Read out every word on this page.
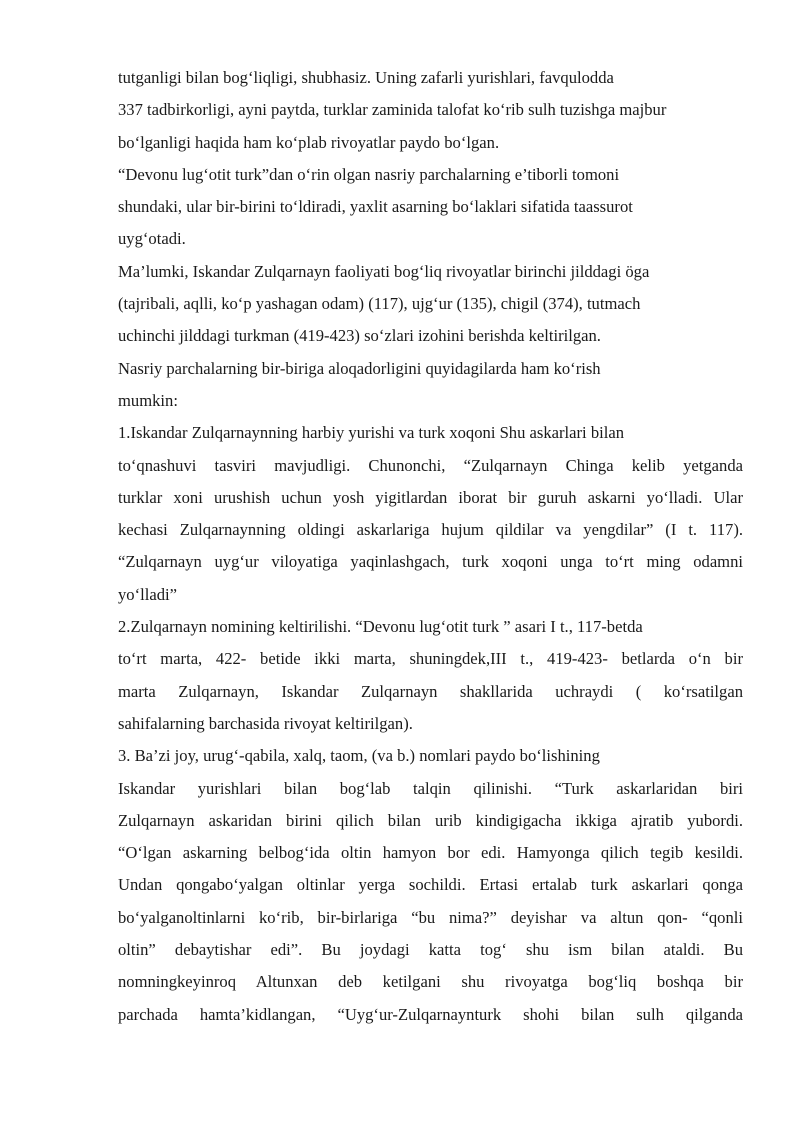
tutganligi bilan bog‘liqligi, shubhasiz. Uning zafarli yurishlari, favqulodda
337 tadbirkorligi, ayni paytda, turklar zaminida talofat ko‘rib sulh tuzishga majbur
bo‘lganligi haqida ham ko‘plab rivoyatlar paydo bo‘lgan.
“Devonu lug‘otit turk”dan o‘rin olgan nasriy parchalarning e’tiborli tomoni
shundaki, ular bir-birini to‘ldiradi, yaxlit asarning bo‘laklari sifatida taassurot
uyg‘otadi.
Ma’lumki, Iskandar Zulqarnayn faoliyati bog‘liq rivoyatlar birinchi jilddagi öga
(tajribali, aqlli, ko‘p yashagan odam) (117), ujg‘ur (135), chigil (374), tutmach
uchinchi jilddagi turkman (419-423) so‘zlari izohini berishda keltirilgan.
Nasriy parchalarning bir-biriga aloqadorligini quyidagilarda ham ko‘rish
mumkin:
1.Iskandar Zulqarnaynning harbiy yurishi va turk xoqoni Shu askarlari bilan
to‘qnashuvi tasviri mavjudligi. Chunonchi, “Zulqarnayn Chinga kelib yetganda
turklar xoni urushish uchun yosh yigitlardan iborat bir guruh askarni yo‘lladi. Ular
kechasi Zulqarnaynning oldingi askarlariga hujum qildilar va yengdilar” (I t. 117).
“Zulqarnayn uyg‘ur viloyatiga yaqinlashgach, turk xoqoni unga to‘rt ming odamni
yo‘lladi”
2.Zulqarnayn nomining keltirilishi. “Devonu lug‘otit turk ” asari I t., 117-betda
to‘rt marta, 422- betide ikki marta, shuningdek,III t., 419-423- betlarda o‘n bir
marta Zulqarnayn, Iskandar Zulqarnayn shakllarida uchraydi ( ko‘rsatilgan
sahifalarning barchasida rivoyat keltirilgan).
3. Ba’zi joy, urug‘-qabila, xalq, taom, (va b.) nomlari paydo bo‘lishining
Iskandar yurishlari bilan bog‘lab talqin qilinishi. “Turk askarlaridan biri
Zulqarnayn askaridan birini qilich bilan urib kindigigacha ikkiga ajratib yubordi.
“O‘lgan askarning belbog‘ida oltin hamyon bor edi. Hamyonga qilich tegib kesildi.
Undan qongabo‘yalgan oltinlar yerga sochildi. Ertasi ertalab turk askarlari qonga
bo‘yalganoltinlarni ko‘rib, bir-birlariga “bu nima?” deyishar va altun qon- “qonli
oltin” debaytishar edi”. Bu joydagi katta tog‘ shu ism bilan ataldi. Bu
nomningkeyinroq Altunxan deb ketilgani shu rivoyatga bog‘liq boshqa bir
parchada hamta’kidlangan, “Uyg‘ur-Zulqarnaynturk shohi bilan sulh qilganda
